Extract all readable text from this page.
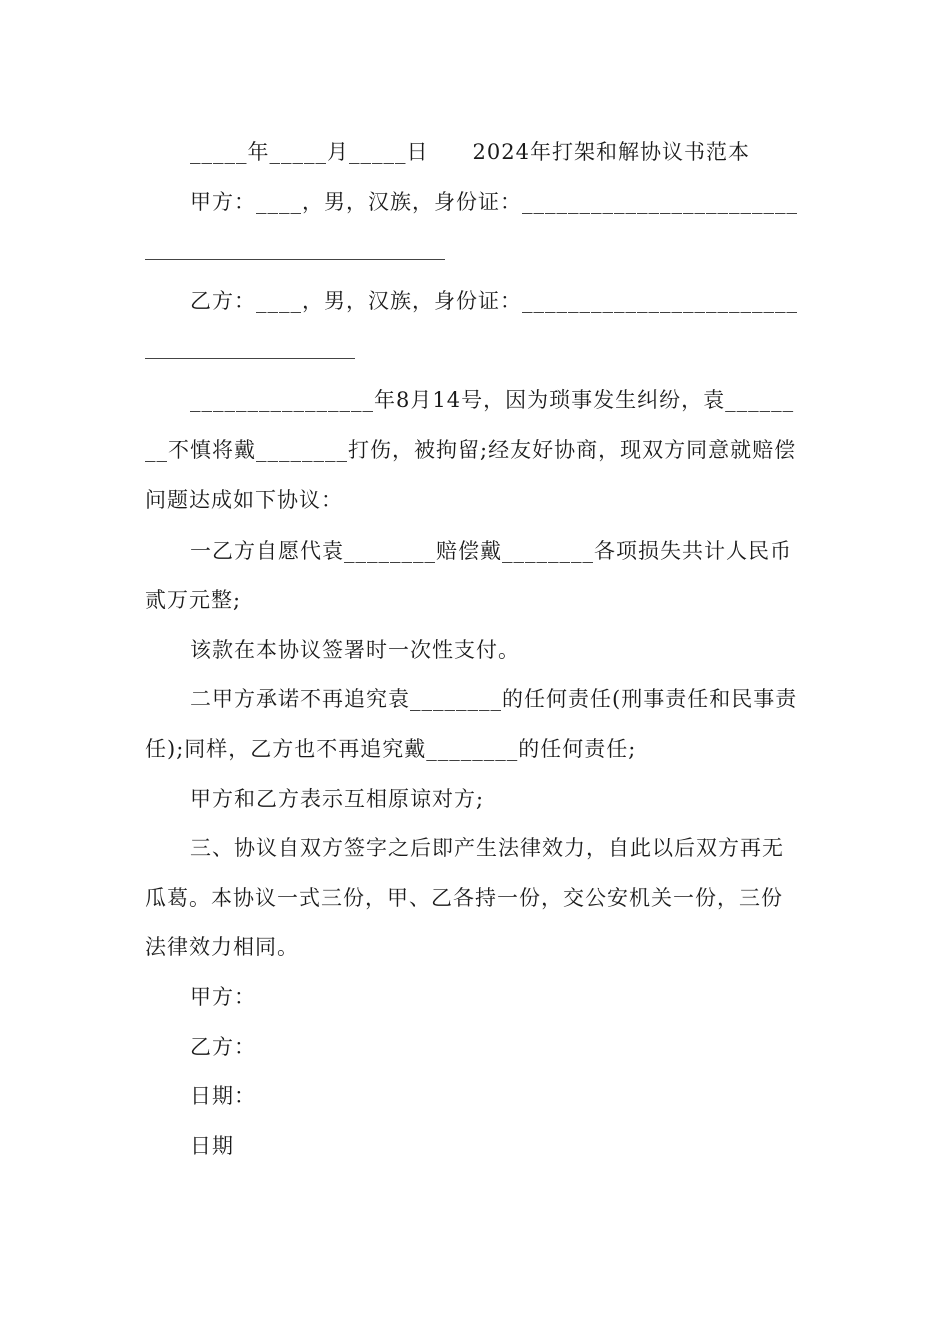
_____年_____月_____日　　2024年打架和解协议书范本
甲方：____，男，汉族，身份证：________________________
乙方：____，男，汉族，身份证：________________________
________________年8月14号，因为琐事发生纠纷，袁______
__不慎将戴________打伤，被拘留;经友好协商，现双方同意就赔偿
问题达成如下协议：
一乙方自愿代袁________赔偿戴________各项损失共计人民币
贰万元整;
该款在本协议签署时一次性支付。
二甲方承诺不再追究袁________的任何责任(刑事责任和民事责
任);同样，乙方也不再追究戴________的任何责任;
甲方和乙方表示互相原谅对方;
三、协议自双方签字之后即产生法律效力，自此以后双方再无
瓜葛。本协议一式三份，甲、乙各持一份，交公安机关一份，三份
法律效力相同。
甲方：
乙方：
日期：
日期
